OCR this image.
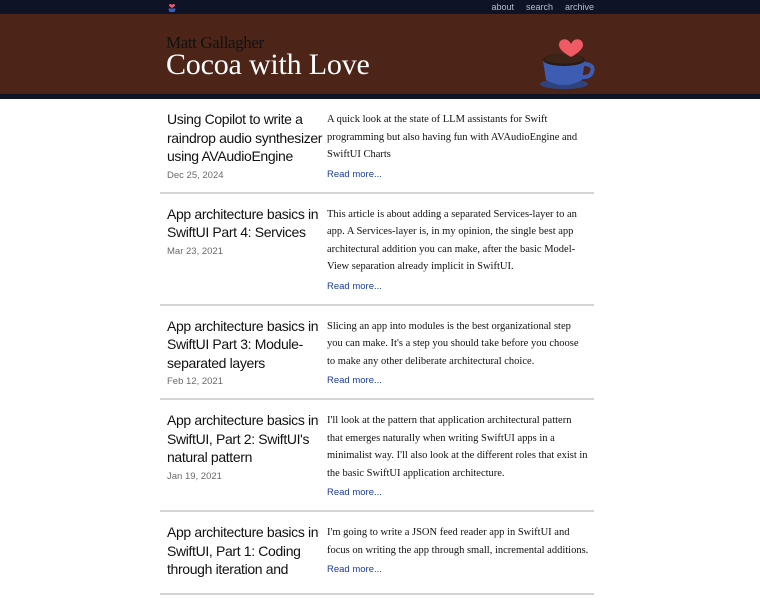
about search archive
Matt Gallagher
Cocoa with Love
Using Copilot to write a raindrop audio synthesizer using AVAudioEngine
Dec 25, 2024
A quick look at the state of LLM assistants for Swift programming but also having fun with AVAudioEngine and SwiftUI Charts
Read more...
App architecture basics in SwiftUI Part 4: Services
Mar 23, 2021
This article is about adding a separated Services-layer to an app. A Services-layer is, in my opinion, the single best app architectural addition you can make, after the basic Model-View separation already implicit in SwiftUI.
Read more...
App architecture basics in SwiftUI Part 3: Module-separated layers
Feb 12, 2021
Slicing an app into modules is the best organizational step you can make. It's a step you should take before you choose to make any other deliberate architectural choice.
Read more...
App architecture basics in SwiftUI, Part 2: SwiftUI's natural pattern
Jan 19, 2021
I'll look at the pattern that application architectural pattern that emerges naturally when writing SwiftUI apps in a minimalist way. I'll also look at the different roles that exist in the basic SwiftUI application architecture.
Read more...
App architecture basics in SwiftUI, Part 1: Coding through iteration and
I'm going to write a JSON feed reader app in SwiftUI and focus on writing the app through small, incremental additions.
Read more...
